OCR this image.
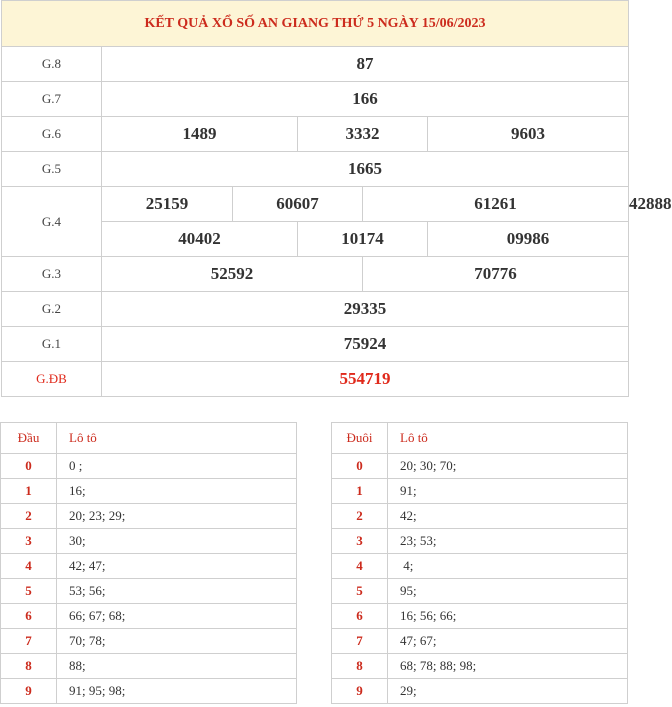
KẾT QUẢ XỔ SỐ AN GIANG THỨ 5 NGÀY 15/06/2023						
G.8	87					
G.7	166					
G.6	1489		3332		9603	
G.5	1665					
G.4	25159	60607		61261		42888
	40402		10174		09986	
G.3	52592			70776		
G.2	29335					
G.1	75924					
G.ĐB	554719					
Đầu	Lô tô
0	0 ;
1	16;
2	20; 23; 29;
3	30;
4	42; 47;
5	53; 56;
6	66; 67; 68;
7	70; 78;
8	88;
9	91; 95; 98;
Đuôi	Lô tô
0	20; 30; 70;
1	91;
2	42;
3	23; 53;
4	4;
5	95;
6	16; 56; 66;
7	47; 67;
8	68; 78; 88; 98;
9	29;
